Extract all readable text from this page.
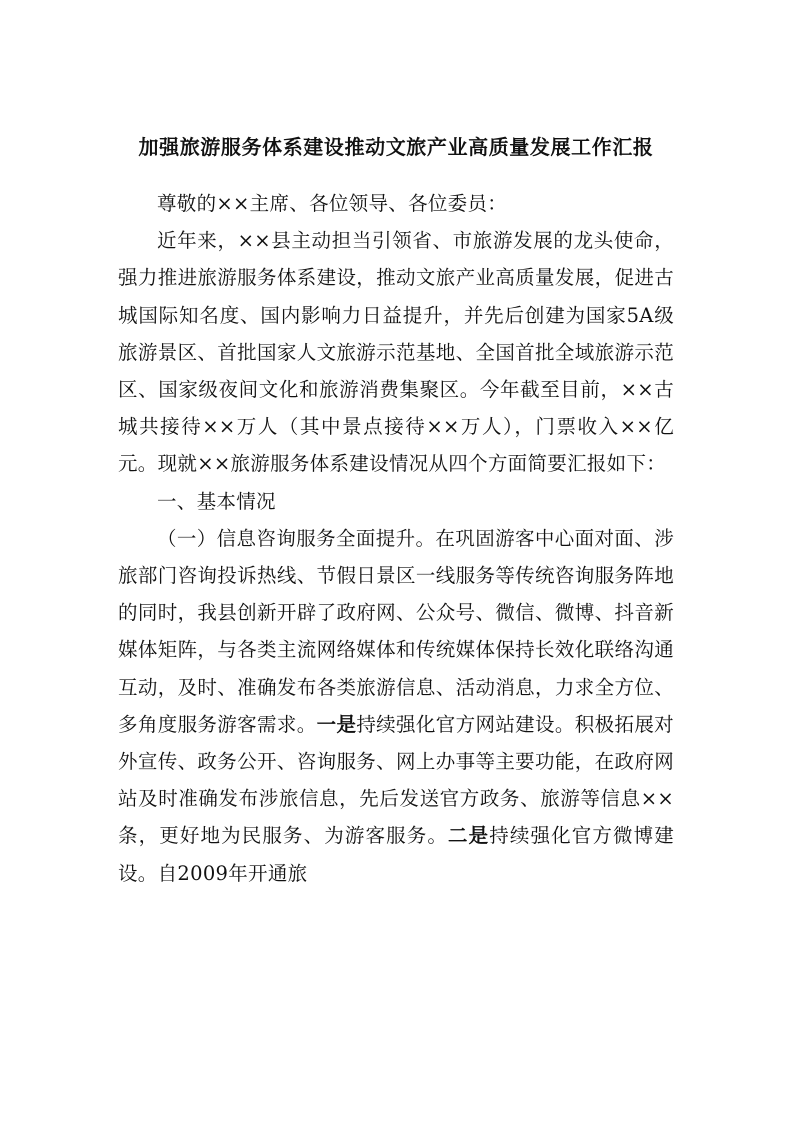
加强旅游服务体系建设推动文旅产业高质量发展工作汇报

尊敬的××主席、各位领导、各位委员：

近年来，××县主动担当引领省、市旅游发展的龙头使命，强力推进旅游服务体系建设，推动文旅产业高质量发展，促进古城国际知名度、国内影响力日益提升，并先后创建为国家5A级旅游景区、首批国家人文旅游示范基地、全国首批全域旅游示范区、国家级夜间文化和旅游消费集聚区。今年截至目前，××古城共接待××万人（其中景点接待××万人），门票收入××亿元。现就××旅游服务体系建设情况从四个方面简要汇报如下：

一、基本情况

（一）信息咨询服务全面提升。在巩固游客中心面对面、涉旅部门咨询投诉热线、节假日景区一线服务等传统咨询服务阵地的同时，我县创新开辟了政府网、公众号、微信、微博、抖音新媒体矩阵，与各类主流网络媒体和传统媒体保持长效化联络沟通互动，及时、准确发布各类旅游信息、活动消息，力求全方位、多角度服务游客需求。一是持续强化官方网站建设。积极拓展对外宣传、政务公开、咨询服务、网上办事等主要功能，在政府网站及时准确发布涉旅信息，先后发送官方政务、旅游等信息××条，更好地为民服务、为游客服务。二是持续强化官方微博建设。自2009年开通旅
